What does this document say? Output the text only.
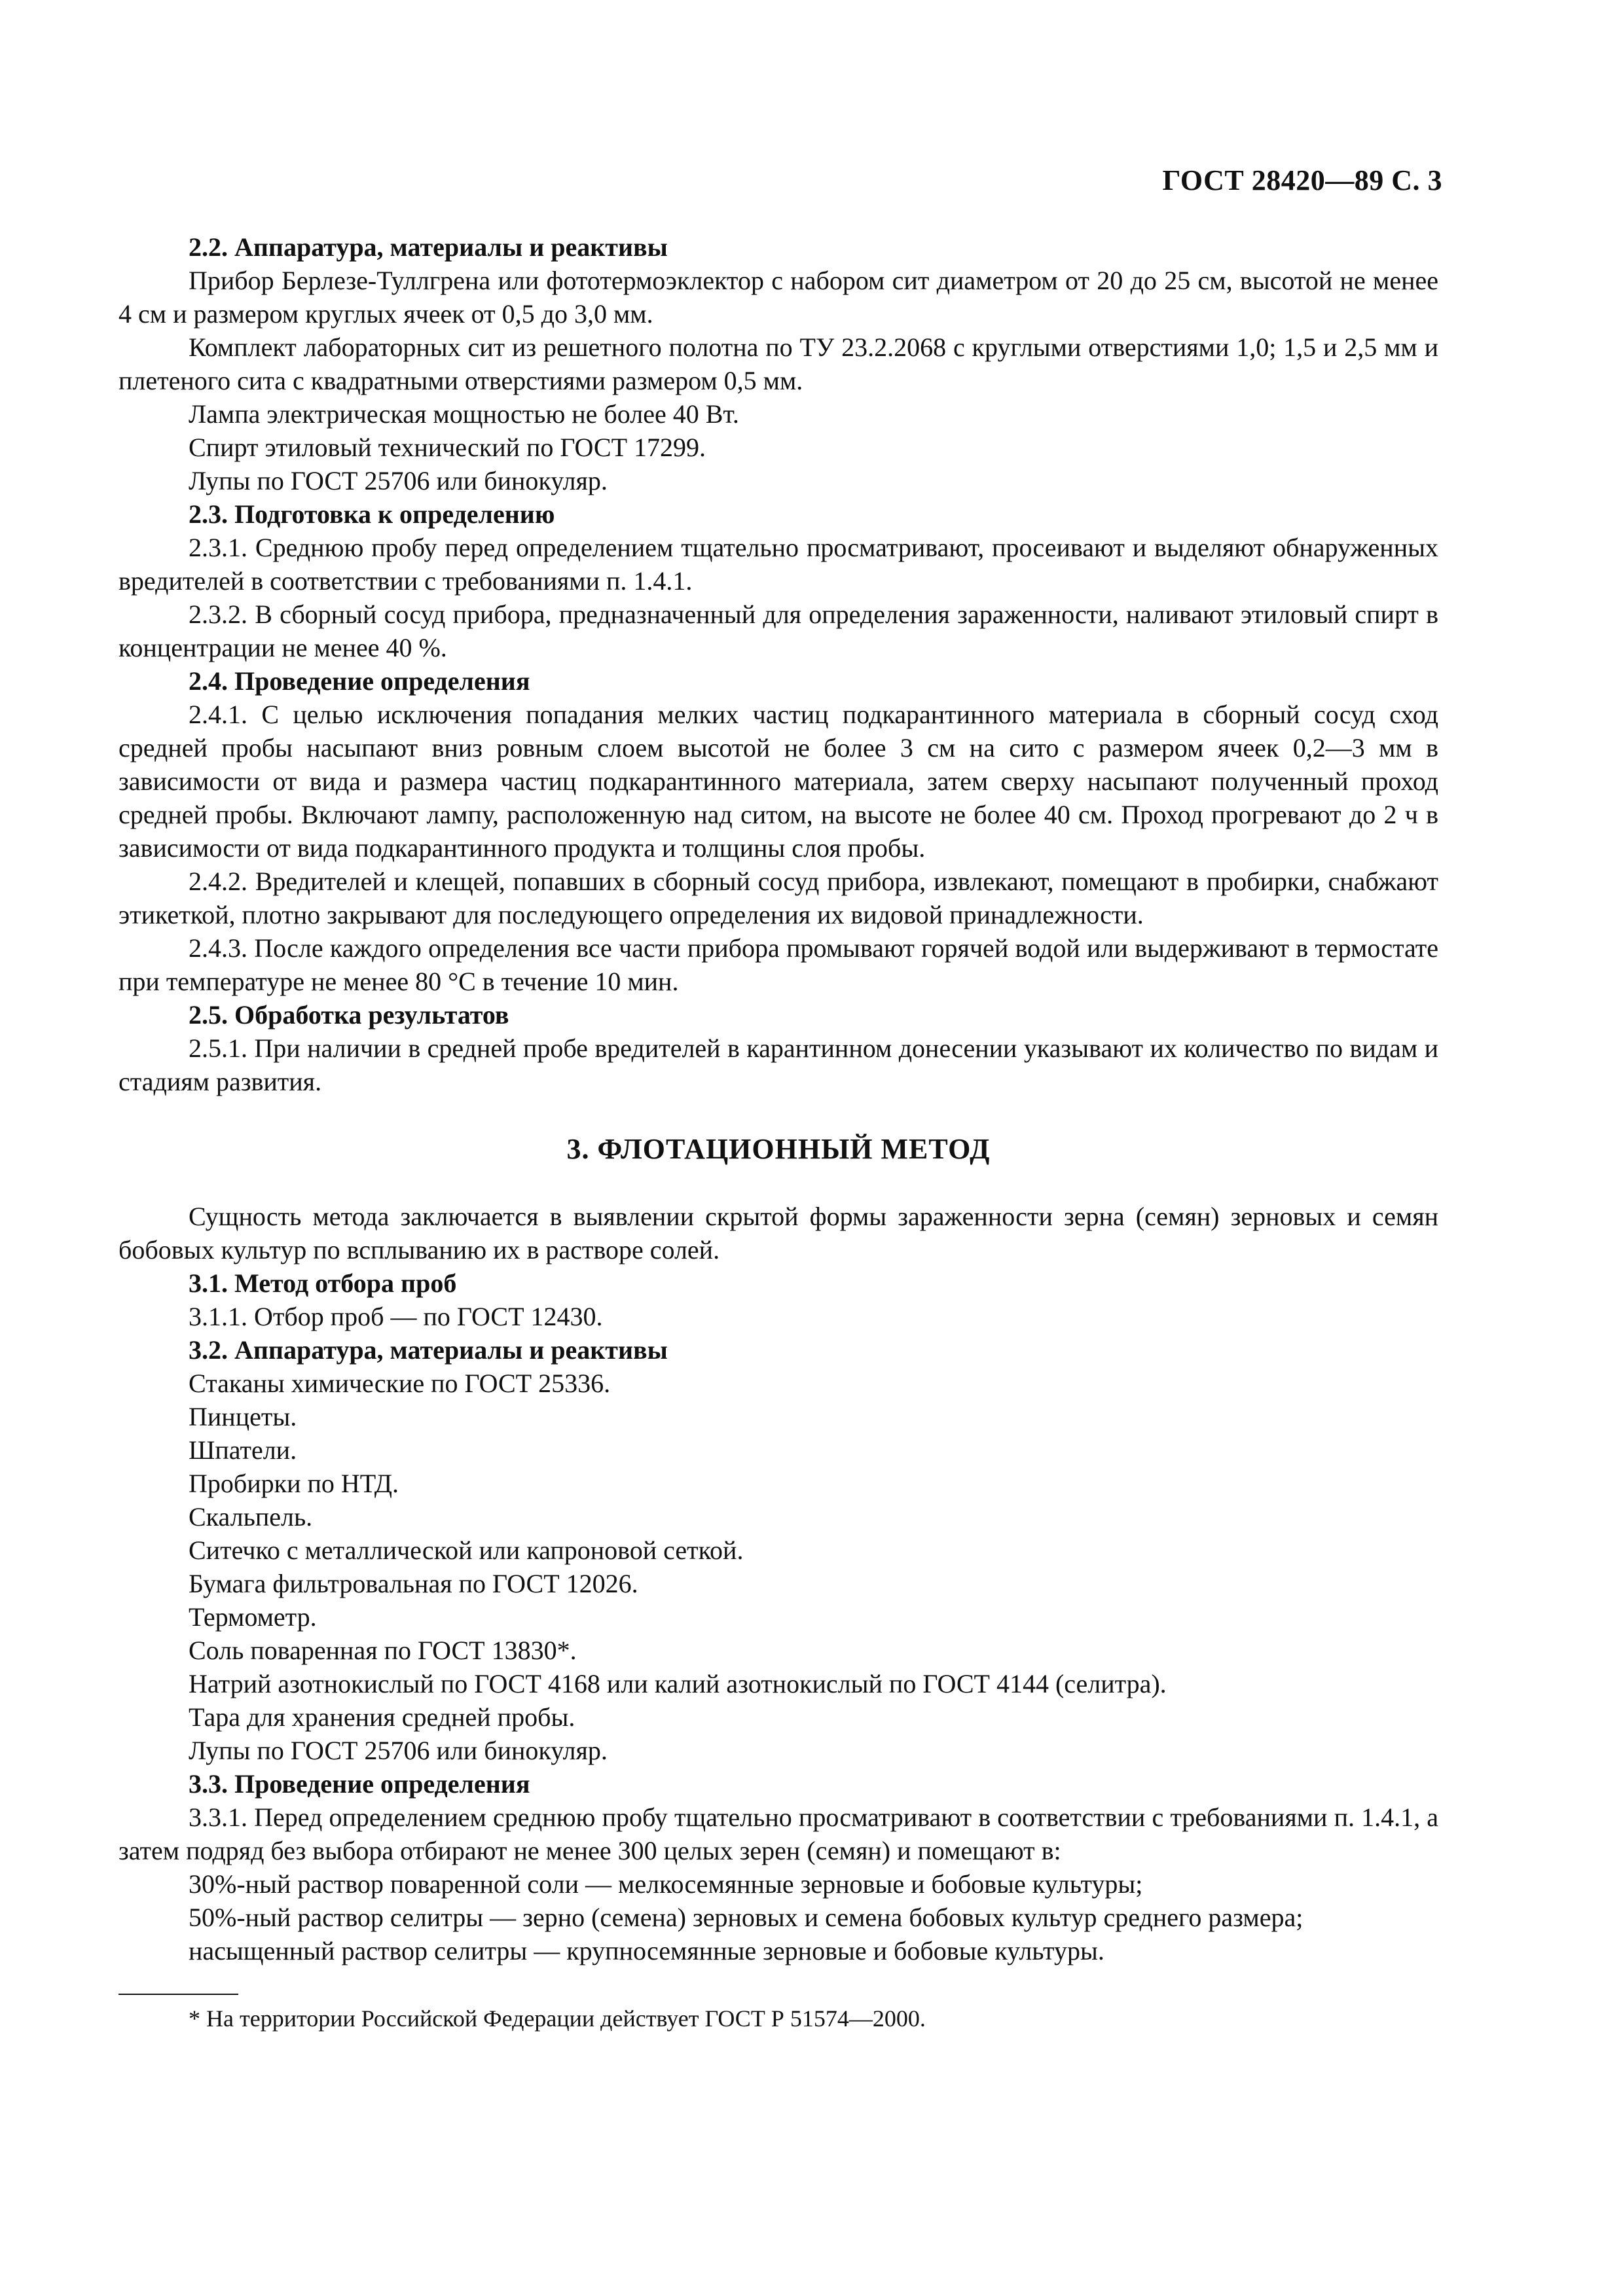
ГОСТ 28420—89 С. 3

2.2. Аппаратура, материалы и реактивы

Прибор Берлезе-Туллгрена или фототермоэклектор с набором сит диаметром от 20 до 25 см, высотой не менее 4 см и размером круглых ячеек от 0,5 до 3,0 мм.

Комплект лабораторных сит из решетного полотна по ТУ 23.2.2068 с круглыми отверстиями 1,0; 1,5 и 2,5 мм и плетеного сита с квадратными отверстиями размером 0,5 мм.

Лампа электрическая мощностью не более 40 Вт.

Спирт этиловый технический по ГОСТ 17299.

Лупы по ГОСТ 25706 или бинокуляр.

2.3. Подготовка к определению

2.3.1. Среднюю пробу перед определением тщательно просматривают, просеивают и выделяют обнаруженных вредителей в соответствии с требованиями п. 1.4.1.

2.3.2. В сборный сосуд прибора, предназначенный для определения зараженности, наливают этиловый спирт в концентрации не менее 40 %.

2.4. Проведение определения

2.4.1. С целью исключения попадания мелких частиц подкарантинного материала в сборный сосуд сход средней пробы насыпают вниз ровным слоем высотой не более 3 см на сито с размером ячеек 0,2—3 мм в зависимости от вида и размера частиц подкарантинного материала, затем сверху насыпают полученный проход средней пробы. Включают лампу, расположенную над ситом, на высоте не более 40 см. Проход прогревают до 2 ч в зависимости от вида подкарантинного продукта и толщины слоя пробы.

2.4.2. Вредителей и клещей, попавших в сборный сосуд прибора, извлекают, помещают в пробирки, снабжают этикеткой, плотно закрывают для последующего определения их видовой принадлежности.

2.4.3. После каждого определения все части прибора промывают горячей водой или выдерживают в термостате при температуре не менее 80 °С в течение 10 мин.

2.5. Обработка результатов

2.5.1. При наличии в средней пробе вредителей в карантинном донесении указывают их количество по видам и стадиям развития.

3. ФЛОТАЦИОННЫЙ МЕТОД

Сущность метода заключается в выявлении скрытой формы зараженности зерна (семян) зерновых и семян бобовых культур по всплыванию их в растворе солей.

3.1. Метод отбора проб

3.1.1. Отбор проб — по ГОСТ 12430.

3.2. Аппаратура, материалы и реактивы

Стаканы химические по ГОСТ 25336.

Пинцеты.

Шпатели.

Пробирки по НТД.

Скальпель.

Ситечко с металлической или капроновой сеткой.

Бумага фильтровальная по ГОСТ 12026.

Термометр.

Соль поваренная по ГОСТ 13830*.

Натрий азотнокислый по ГОСТ 4168 или калий азотнокислый по ГОСТ 4144 (селитра).

Тара для хранения средней пробы.

Лупы по ГОСТ 25706 или бинокуляр.

3.3. Проведение определения

3.3.1. Перед определением среднюю пробу тщательно просматривают в соответствии с требованиями п. 1.4.1, а затем подряд без выбора отбирают не менее 300 целых зерен (семян) и помещают в:

30%-ный раствор поваренной соли — мелкосемянные зерновые и бобовые культуры;

50%-ный раствор селитры — зерно (семена) зерновых и семена бобовых культур среднего размера;

насыщенный раствор селитры — крупносемянные зерновые и бобовые культуры.

* На территории Российской Федерации действует ГОСТ Р 51574—2000.
